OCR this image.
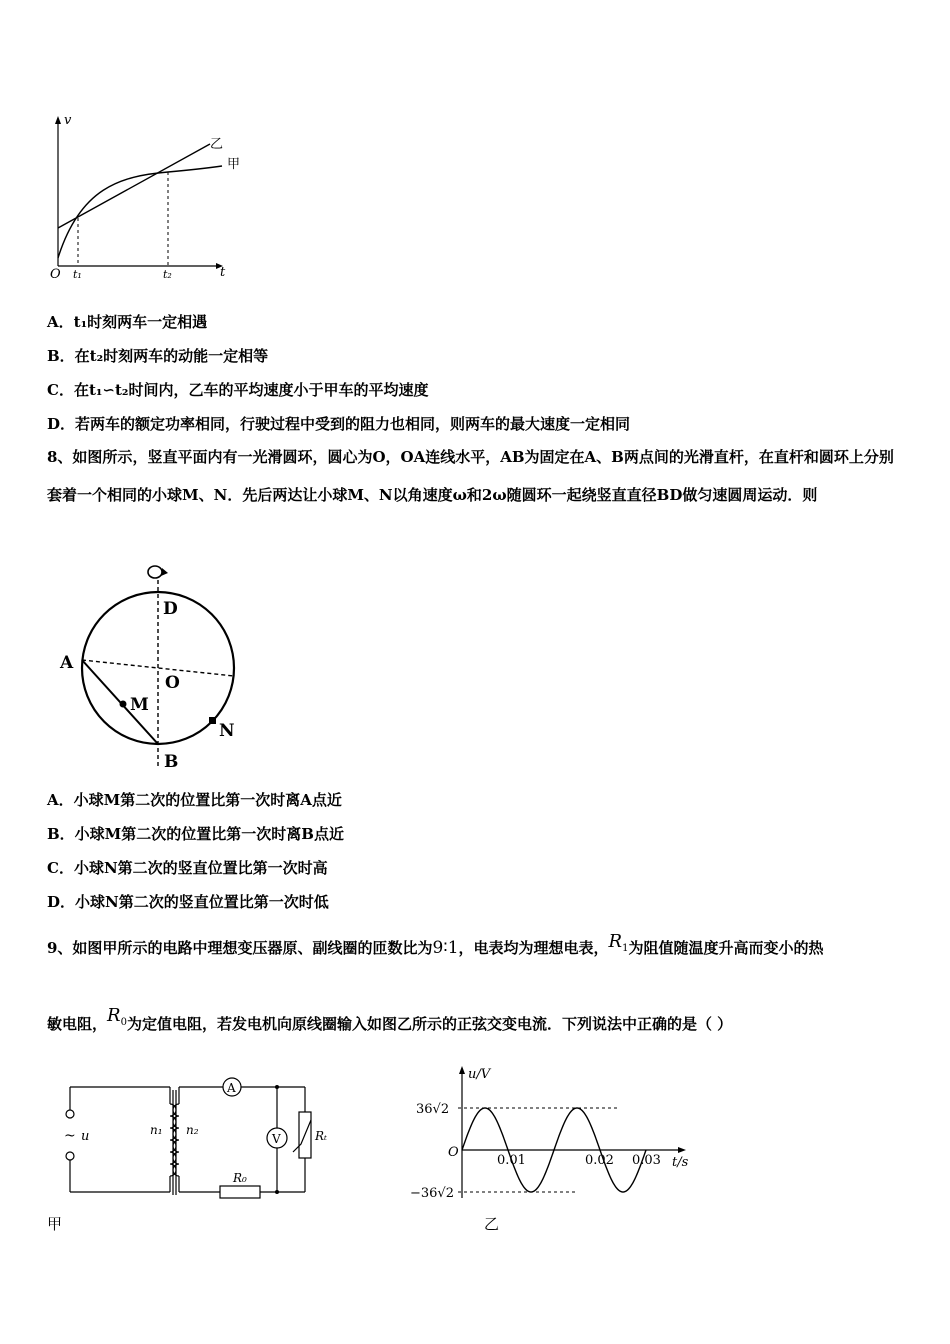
v
t
O t₁	t₂
乙
甲
A．t₁时刻两车一定相遇
B．在t₂时刻两车的动能一定相等
C．在t₁∽t₂时间内，乙车的平均速度小于甲车的平均速度
D．若两车的额定功率相同，行驶过程中受到的阻力也相同，则两车的最大速度一定相同
8、如图所示，竖直平面内有一光滑圆环，圆心为O，OA连线水平，AB为固定在A、B两点间的光滑直杆，在直杆和圆环上分别套着一个相同的小球M、N．先后两达让小球M、N以角速度ω和2ω随圆环一起绕竖直直径BD做匀速圆周运动．则
D
A
O
M
N
B
A．小球M第二次的位置比第一次时离A点近
B．小球M第二次的位置比第一次时离B点近
C．小球N第二次的竖直位置比第一次时高
D．小球N第二次的竖直位置比第一次时低
9、如图甲所示的电路中理想变压器原、副线圈的匝数比为9∶1，电表均为理想电表，$R_1$为阻值随温度升高而变小的热
敏电阻，$R_0$为定值电阻，若发电机向原线圈输入如图乙所示的正弦交变电流．下列说法中正确的是（ ）
~ u	n₁ n₂
A
V	Rₜ
R₀
甲
u/V
t/s
O
36√2
−36√2
0.01	0.02 0.03
乙
